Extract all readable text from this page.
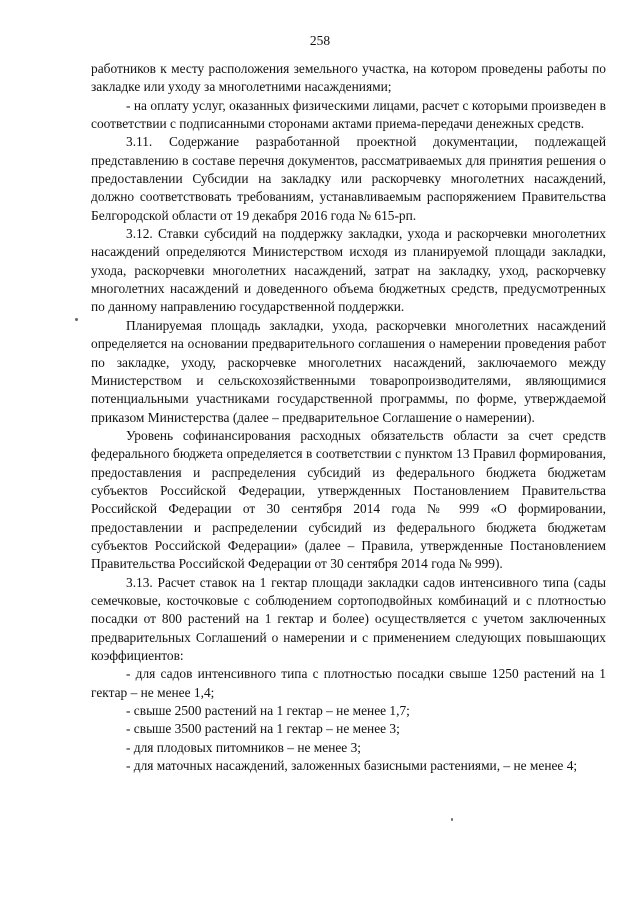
258

работников к месту расположения земельного участка, на котором проведены работы по закладке или уходу за многолетними насаждениями;

- на оплату услуг, оказанных физическими лицами, расчет с которыми произведен в соответствии с подписанными сторонами актами приема-передачи денежных средств.

3.11. Содержание разработанной проектной документации, подлежащей представлению в составе перечня документов, рассматриваемых для принятия решения о предоставлении Субсидии на закладку или раскорчевку многолетних насаждений, должно соответствовать требованиям, устанавливаемым распоряжением Правительства Белгородской области от 19 декабря 2016 года № 615-рп.

3.12. Ставки субсидий на поддержку закладки, ухода и раскорчевки многолетних насаждений определяются Министерством исходя из планируемой площади закладки, ухода, раскорчевки многолетних насаждений, затрат на закладку, уход, раскорчевку многолетних насаждений и доведенного объема бюджетных средств, предусмотренных по данному направлению государственной поддержки.

Планируемая площадь закладки, ухода, раскорчевки многолетних насаждений определяется на основании предварительного соглашения о намерении проведения работ по закладке, уходу, раскорчевке многолетних насаждений, заключаемого между Министерством и сельскохозяйственными товаропроизводителями, являющимися потенциальными участниками государственной программы, по форме, утверждаемой приказом Министерства (далее – предварительное Соглашение о намерении).

Уровень софинансирования расходных обязательств области за счет средств федерального бюджета определяется в соответствии с пунктом 13 Правил формирования, предоставления и распределения субсидий из федерального бюджета бюджетам субъектов Российской Федерации, утвержденных Постановлением Правительства Российской Федерации от 30 сентября 2014 года № 999 «О формировании, предоставлении и распределении субсидий из федерального бюджета бюджетам субъектов Российской Федерации» (далее – Правила, утвержденные Постановлением Правительства Российской Федерации от 30 сентября 2014 года № 999).

3.13. Расчет ставок на 1 гектар площади закладки садов интенсивного типа (сады семечковые, косточковые с соблюдением сортоподвойных комбинаций и с плотностью посадки от 800 растений на 1 гектар и более) осуществляется с учетом заключенных предварительных Соглашений о намерении и с применением следующих повышающих коэффициентов:

- для садов интенсивного типа с плотностью посадки свыше 1250 растений на 1 гектар – не менее 1,4;

- свыше 2500 растений на 1 гектар – не менее 1,7;

- свыше 3500 растений на 1 гектар – не менее 3;

- для плодовых питомников – не менее 3;

- для маточных насаждений, заложенных базисными растениями, – не менее 4;
